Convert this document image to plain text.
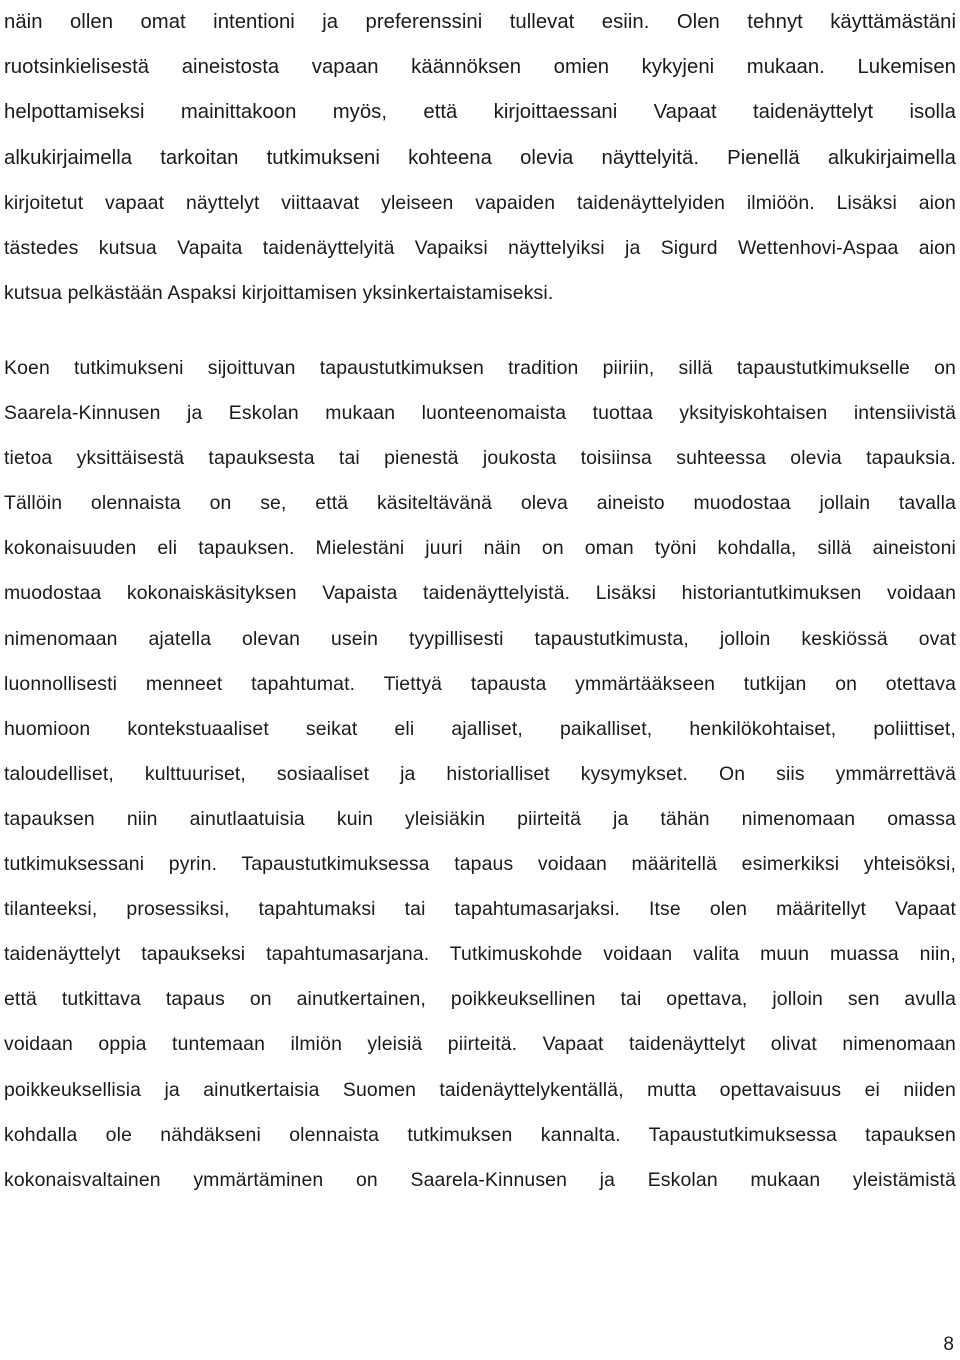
näin ollen omat intentioni ja preferenssini tullevat esiin. Olen tehnyt käyttämästäni
ruotsinkielisestä aineistosta vapaan käännöksen omien kykyjeni mukaan. Lukemisen
helpottamiseksi mainittakoon myös, että kirjoittaessani Vapaat taidenäyttelyt isolla
alkukirjaimella tarkoitan tutkimukseni kohteena olevia näyttelyitä. Pienellä alkukirjaimella
kirjoitetut vapaat näyttelyt viittaavat yleiseen vapaiden taidenäyttelyiden ilmiöön. Lisäksi aion
tästedes kutsua Vapaita taidenäyttelyitä Vapaiksi näyttelyiksi ja Sigurd Wettenhovi-Aspaa aion
kutsua pelkästään Aspaksi kirjoittamisen yksinkertaistamiseksi.

Koen tutkimukseni sijoittuvan tapaustutkimuksen tradition piiriin, sillä tapaustutkimukselle on
Saarela-Kinnusen ja Eskolan mukaan luonteenomaista tuottaa yksityiskohtaisen intensiivistä
tietoa yksittäisestä tapauksesta tai pienestä joukosta toisiinsa suhteessa olevia tapauksia.
Tällöin olennaista on se, että käsiteltävänä oleva aineisto muodostaa jollain tavalla
kokonaisuuden eli tapauksen. Mielestäni juuri näin on oman työni kohdalla, sillä aineistoni
muodostaa kokonaiskäsityksen Vapaista taidenäyttelyistä. Lisäksi historiantutkimuksen voidaan
nimenomaan ajatella olevan usein tyypillisesti tapaustutkimusta, jolloin keskiössä ovat
luonnollisesti menneet tapahtumat. Tiettyä tapausta ymmärtääkseen tutkijan on otettava
huomioon kontekstuaaliset seikat eli ajalliset, paikalliset, henkilökohtaiset, poliittiset,
taloudelliset, kulttuuriset, sosiaaliset ja historialliset kysymykset. On siis ymmärrettävä
tapauksen niin ainutlaatuisia kuin yleisiäkin piirteitä ja tähän nimenomaan omassa
tutkimuksessani pyrin. Tapaustutkimuksessa tapaus voidaan määritellä esimerkiksi yhteisöksi,
tilanteeksi, prosessiksi, tapahtumaksi tai tapahtumasarjaksi. Itse olen määritellyt Vapaat
taidenäyttelyt tapaukseksi tapahtumasarjana. Tutkimuskohde voidaan valita muun muassa niin,
että tutkittava tapaus on ainutkertainen, poikkeuksellinen tai opettava, jolloin sen avulla
voidaan oppia tuntemaan ilmiön yleisiä piirteitä. Vapaat taidenäyttelyt olivat nimenomaan
poikkeuksellisia ja ainutkertaisia Suomen taidenäyttelykentällä, mutta opettavaisuus ei niiden
kohdalla ole nähdäkseni olennaista tutkimuksen kannalta. Tapaustutkimuksessa tapauksen
kokonaisvaltainen ymmärtäminen on Saarela-Kinnusen ja Eskolan mukaan yleistämistä

8
